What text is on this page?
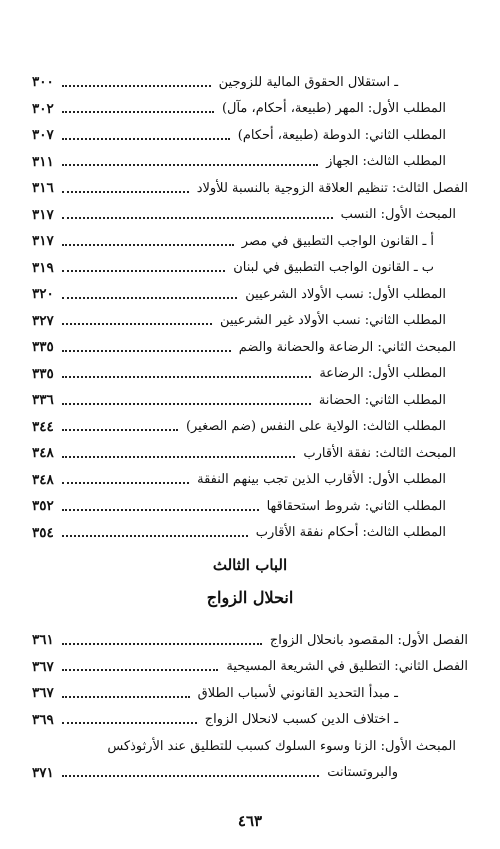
ـ استقلال الحقوق المالية للزوجين
٣٠٠
المطلب الأول: المهر (طبيعة، أحكام، مآل)
٣٠٢
المطلب الثاني: الدوطة (طبيعة، أحكام)
٣٠٧
المطلب الثالث: الجهاز
٣١١
الفصل الثالث: تنظيم العلاقة الزوجية بالنسبة للأولاد
٣١٦
المبحث الأول: النسب
٣١٧
أ ـ القانون الواجب التطبيق في مصر
٣١٧
ب ـ القانون الواجب التطبيق في لبنان
٣١٩
المطلب الأول: نسب الأولاد الشرعيين
٣٢٠
المطلب الثاني: نسب الأولاد غير الشرعيين
٣٢٧
المبحث الثاني: الرضاعة والحضانة والضم
٣٣٥
المطلب الأول: الرضاعة
٣٣٥
المطلب الثاني: الحضانة
٣٣٦
المطلب الثالث: الولاية على النفس (ضم الصغير)
٣٤٤
المبحث الثالث: نفقة الأقارب
٣٤٨
المطلب الأول: الأقارب الذين تجب بينهم النفقة
٣٤٨
المطلب الثاني: شروط استحقاقها
٣٥٢
المطلب الثالث: أحكام نفقة الأقارب
٣٥٤
الباب الثالث
انحلال الزواج
الفصل الأول: المقصود بانحلال الزواج
٣٦١
الفصل الثاني: التطليق في الشريعة المسيحية
٣٦٧
ـ مبدأ التحديد القانوني لأسباب الطلاق
٣٦٧
ـ اختلاف الدين كسبب لانحلال الزواج
٣٦٩
المبحث الأول: الزنا وسوء السلوك كسبب للتطليق عند الأرثوذكس
والبروتستانت
٣٧١
٤٦٣
